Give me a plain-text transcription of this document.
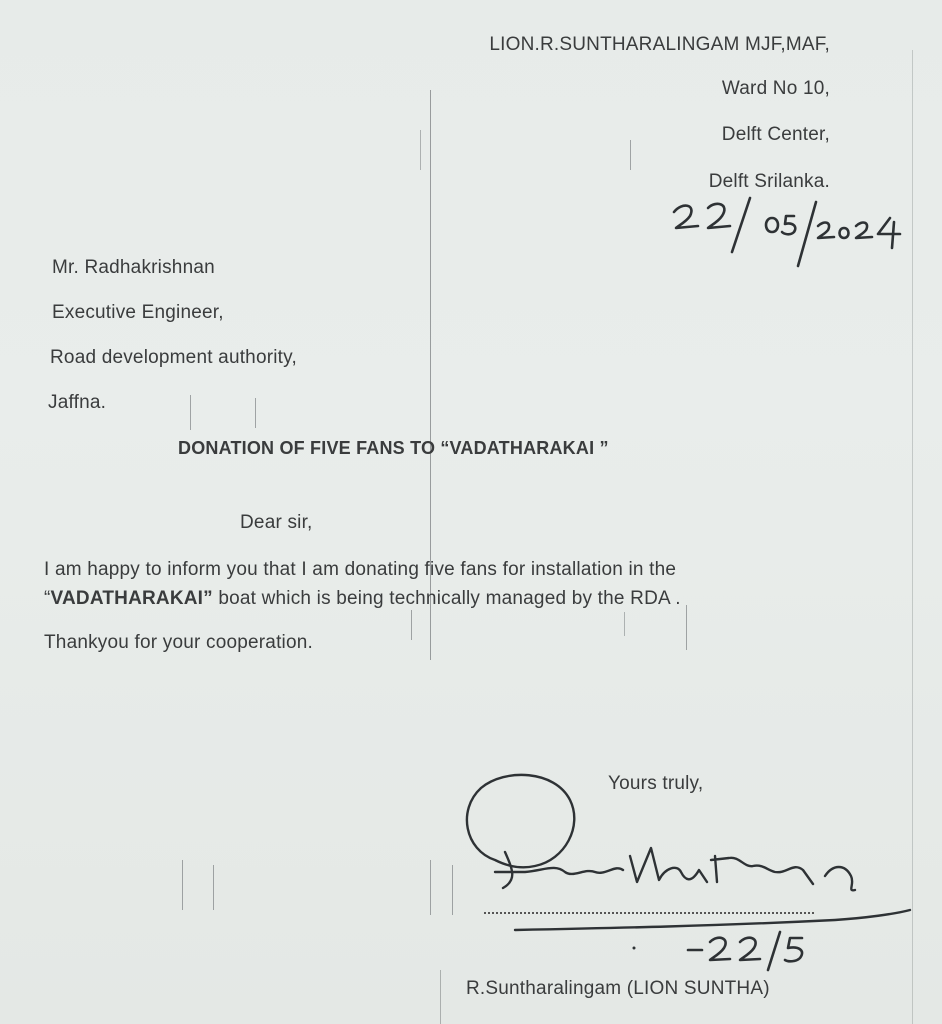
LION.R.SUNTHARALINGAM MJF,MAF,
Ward No 10,
Delft Center,
Delft Srilanka.
Mr. Radhakrishnan
Executive Engineer,
Road development authority,
Jaffna.
DONATION OF FIVE FANS TO “VADATHARAKAI ”
Dear sir,
I am happy to inform you that I am donating five fans for installation in the
“VADATHARAKAI” boat which is being technically managed by the RDA .
Thankyou for your cooperation.
Yours truly,
R.Suntharalingam (LION SUNTHA)
